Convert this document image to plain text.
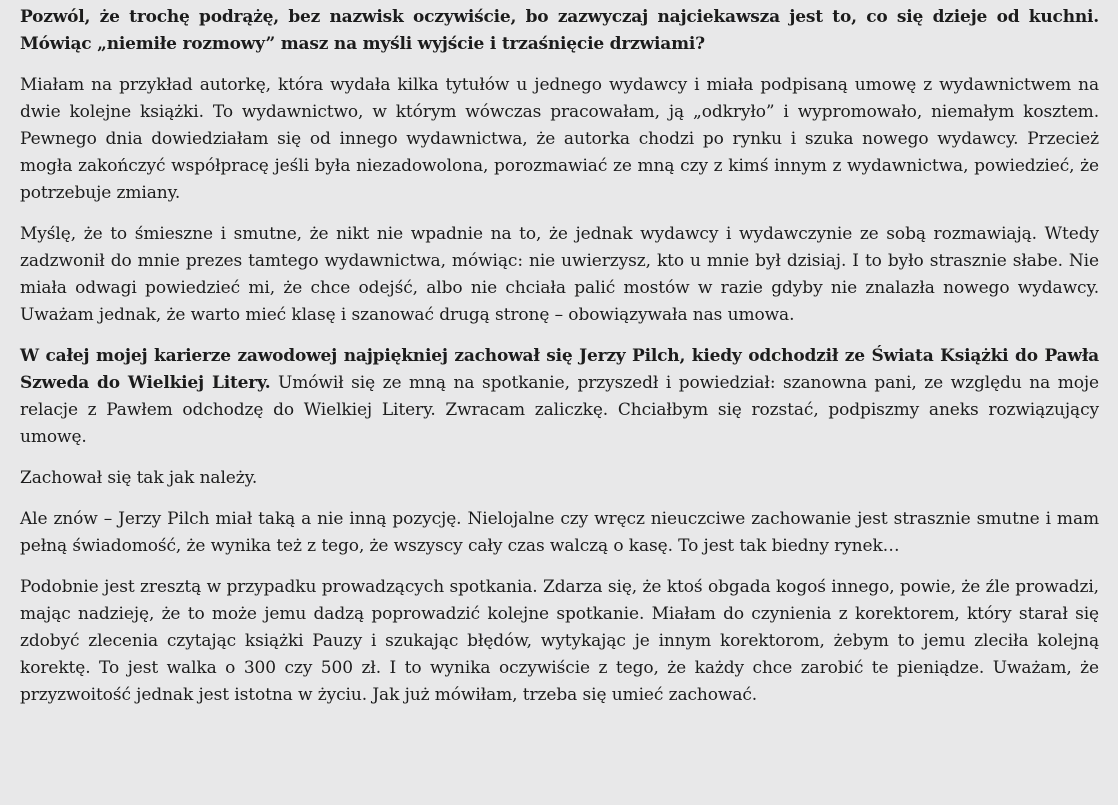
Pozwól, że trochę podrążę, bez nazwisk oczywiście, bo zazwyczaj najciekawsza jest to, co się dzieje od kuchni. Mówiąc „niemiłe rozmowy” masz na myśli wyjście i trzaśnięcie drzwiami?

Miałam na przykład autorkę, która wydała kilka tytułów u jednego wydawcy i miała podpisaną umowę z wydawnictwem na dwie kolejne książki. To wydawnictwo, w którym wówczas pracowałam, ją „odkryło” i wypromowało, niemałym kosztem. Pewnego dnia dowiedziałam się od innego wydawnictwa, że autorka chodzi po rynku i szuka nowego wydawcy. Przecież mogła zakończyć współpracę jeśli była niezadowolona, porozmawiać ze mną czy z kimś innym z wydawnictwa, powiedzieć, że potrzebuje zmiany.

Myślę, że to śmieszne i smutne, że nikt nie wpadnie na to, że jednak wydawcy i wydawczynie ze sobą rozmawiają. Wtedy zadzwonił do mnie prezes tamtego wydawnictwa, mówiąc: nie uwierzysz, kto u mnie był dzisiaj. I to było strasznie słabe. Nie miała odwagi powiedzieć mi, że chce odejść, albo nie chciała palić mostów w razie gdyby nie znalazła nowego wydawcy. Uważam jednak, że warto mieć klasę i szanować drugą stronę – obowiązywała nas umowa.

W całej mojej karierze zawodowej najpiękniej zachował się Jerzy Pilch, kiedy odchodził ze Świata Książki do Pawła Szweda do Wielkiej Litery. Umówił się ze mną na spotkanie, przyszedł i powiedział: szanowna pani, ze względu na moje relacje z Pawłem odchodzę do Wielkiej Litery. Zwracam zaliczkę. Chciałbym się rozstać, podpiszmy aneks rozwiązujący umowę.

Zachował się tak jak należy.

Ale znów – Jerzy Pilch miał taką a nie inną pozycję. Nielojalne czy wręcz nieuczciwe zachowanie jest strasznie smutne i mam pełną świadomość, że wynika też z tego, że wszyscy cały czas walczą o kasę. To jest tak biedny rynek…

Podobnie jest zresztą w przypadku prowadzących spotkania. Zdarza się, że ktoś obgada kogoś innego, powie, że źle prowadzi, mając nadzieję, że to może jemu dadzą poprowadzić kolejne spotkanie. Miałam do czynienia z korektorem, który starał się zdobyć zlecenia czytając książki Pauzy i szukając błędów, wytykając je innym korektorom, żebym to jemu zleciła kolejną korektę. To jest walka o 300 czy 500 zł. I to wynika oczywiście z tego, że każdy chce zarobić te pieniądze. Uważam, że przyzwoitość jednak jest istotna w życiu. Jak już mówiłam, trzeba się umieć zachować.
